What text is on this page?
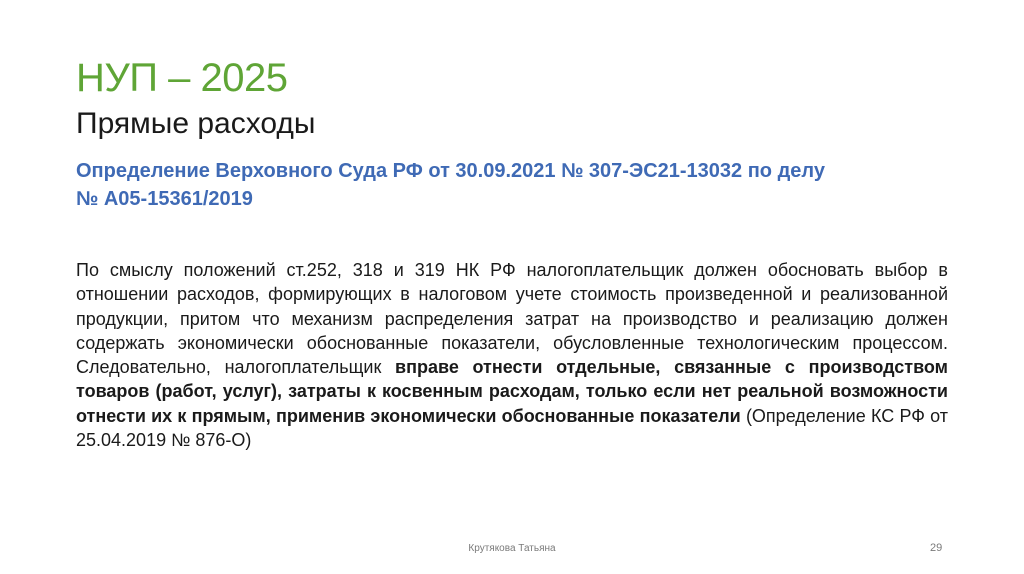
НУП – 2025
Прямые расходы
Определение Верховного Суда РФ от 30.09.2021 № 307-ЭС21-13032 по делу
№ А05-15361/2019
По смыслу положений ст.252, 318 и 319 НК РФ налогоплательщик должен обосновать выбор в отношении расходов, формирующих в налоговом учете стоимость произведенной и реализованной продукции, притом что механизм распределения затрат на производство и реализацию должен содержать экономически обоснованные показатели, обусловленные технологическим процессом. Следовательно, налогоплательщик вправе отнести отдельные, связанные с производством товаров (работ, услуг), затраты к косвенным расходам, только если нет реальной возможности отнести их к прямым, применив экономически обоснованные показатели (Определение КС РФ от 25.04.2019 № 876-О)
Крутякова Татьяна	29
